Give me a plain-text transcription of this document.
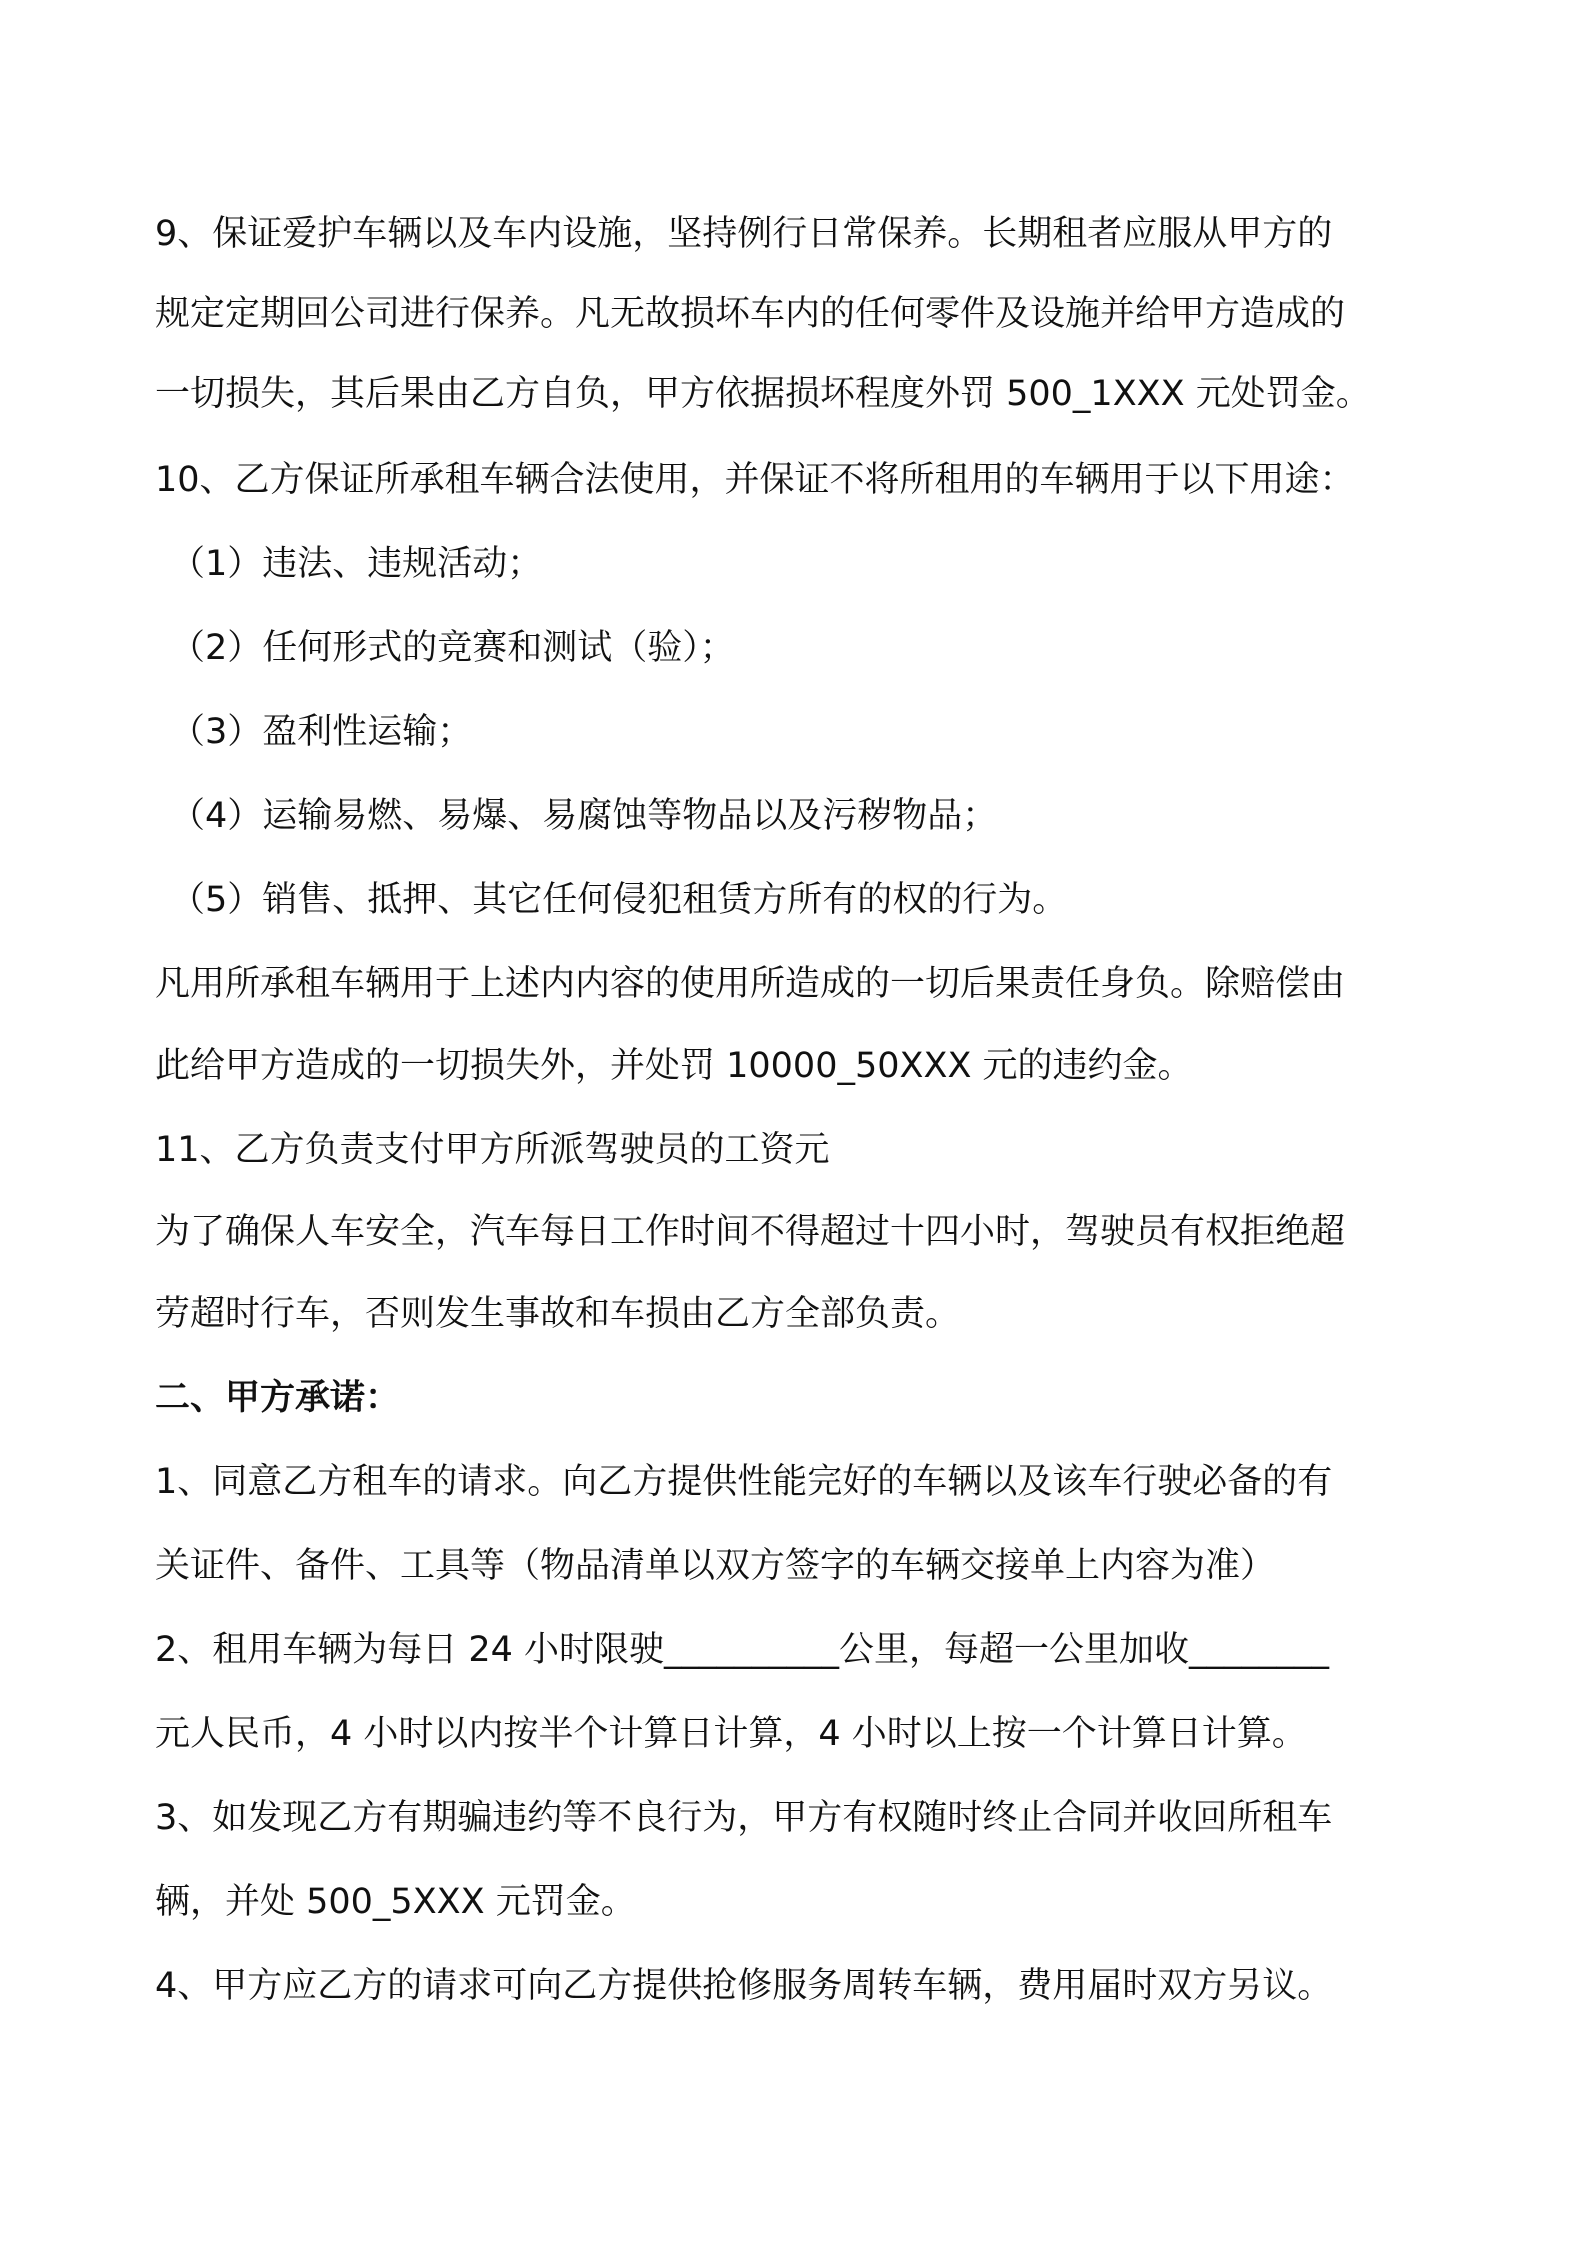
9、保证爱护车辆以及车内设施，坚持例行日常保养。长期租者应服从甲方的
规定定期回公司进行保养。凡无故损坏车内的任何零件及设施并给甲方造成的
一切损失，其后果由乙方自负，甲方依据损坏程度外罚 500_1XXX 元处罚金。
10、乙方保证所承租车辆合法使用，并保证不将所租用的车辆用于以下用途：
（1）违法、违规活动；
（2）任何形式的竞赛和测试（验）；
（3）盈利性运输；
（4）运输易燃、易爆、易腐蚀等物品以及污秽物品；
（5）销售、抵押、其它任何侵犯租赁方所有的权的行为。
凡用所承租车辆用于上述内内容的使用所造成的一切后果责任身负。除赔偿由
此给甲方造成的一切损失外，并处罚 10000_50XXX 元的违约金。
11、乙方负责支付甲方所派驾驶员的工资元
为了确保人车安全，汽车每日工作时间不得超过十四小时，驾驶员有权拒绝超
劳超时行车，否则发生事故和车损由乙方全部负责。
二、甲方承诺：
1、同意乙方租车的请求。向乙方提供性能完好的车辆以及该车行驶必备的有
关证件、备件、工具等（物品清单以双方签字的车辆交接单上内容为准）
2、租用车辆为每日 24 小时限驶__________公里，每超一公里加收________
元人民币，4 小时以内按半个计算日计算，4 小时以上按一个计算日计算。
3、如发现乙方有期骗违约等不良行为，甲方有权随时终止合同并收回所租车
辆，并处 500_5XXX 元罚金。
4、甲方应乙方的请求可向乙方提供抢修服务周转车辆，费用届时双方另议。
